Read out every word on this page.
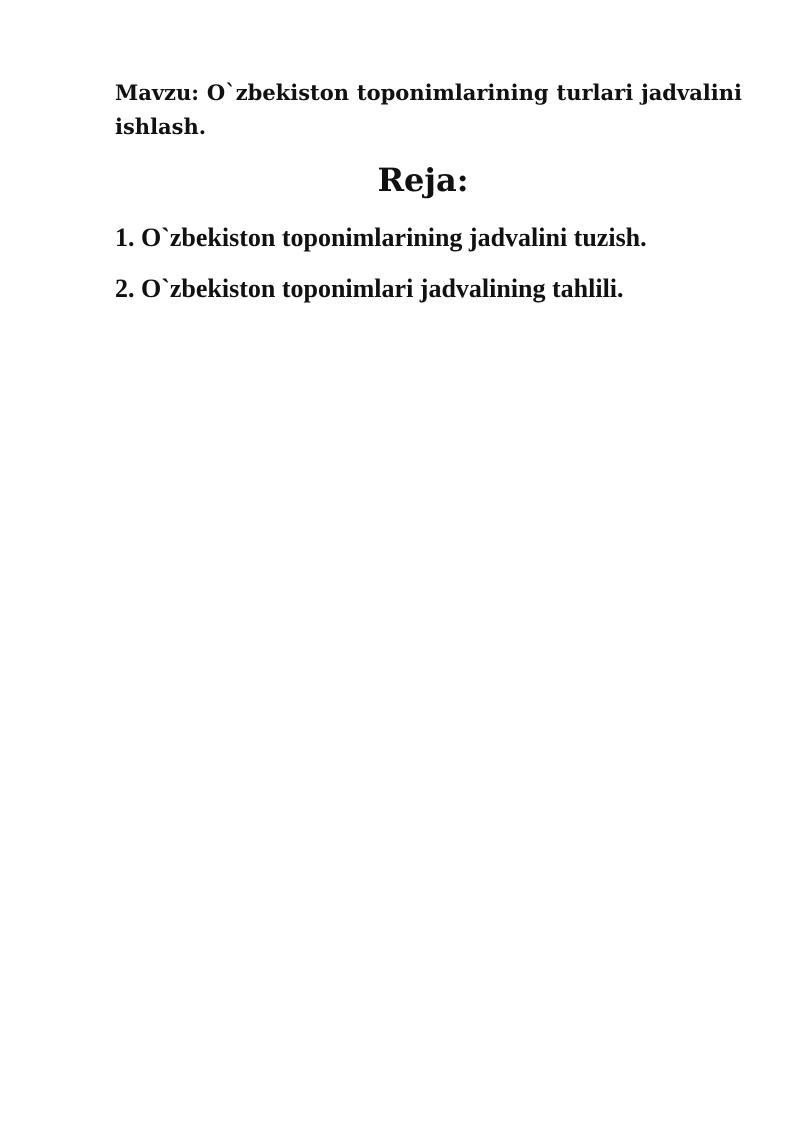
Mavzu: O`zbekiston toponimlarining turlari jadvalini ishlash.

Reja:
1. O`zbekiston toponimlarining jadvalini tuzish.
2. O`zbekiston toponimlari jadvalining tahlili.
